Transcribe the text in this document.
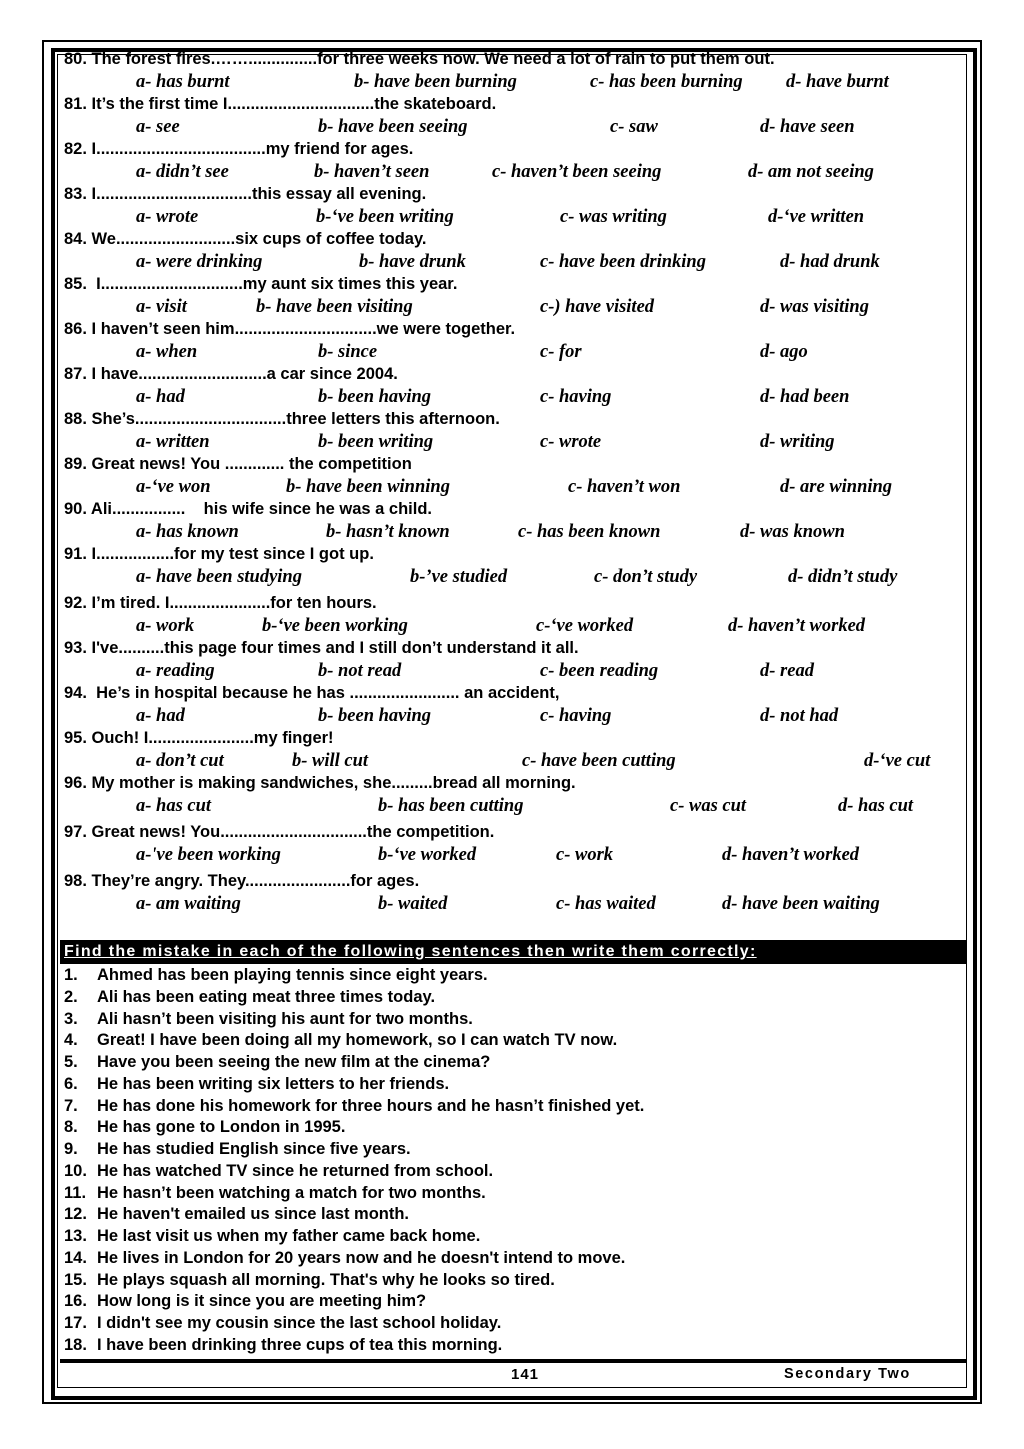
80. The forest fires.……...............for three weeks now. We need a lot of rain to put them out.
a- has burnt	b- have been burning	c- has been burning d- have burnt
81. It’s the first time I................................the skateboard.
a- see	b- have been seeing	c- saw	d- have seen
82. I.....................................my friend for ages.
a- didn’t see	b- haven’t seen	c- haven’t been seeing	d- am not seeing
83. I..................................this essay all evening.
a- wrote	b-‘ve been writing	c- was writing	d-‘ve written
84. We..........................six cups of coffee today.
a- were drinking	b- have drunk	c- have been drinking	d- had drunk
85.  I...............................my aunt six times this year.
a- visit	b- have been visiting	c-) have visited	d- was visiting
86. I haven’t seen him...............................we were together.
a- when	b- since	c- for	d- ago
87. I have............................a car since 2004.
a- had	b- been having	c- having	d- had been
88. She’s.................................three letters this afternoon.
a- written	b- been writing	c- wrote	d- writing
89. Great news! You ............. the competition
a-‘ve won	b- have been winning	c- haven’t won	d- are winning
90. Ali................    his wife since he was a child.
a- has known	b- hasn’t known	c- has been known	d- was known
91. I.................for my test since I got up.
a- have been studying	b-’ve studied	c- don’t study	d- didn’t study
92. I’m tired. I......................for ten hours.
a- work	b-‘ve been working	c-‘ve worked	d- haven’t worked
93. I've..........this page four times and I still don’t understand it all.
a- reading	b- not read	c- been reading	d- read
94.  He’s in hospital because he has ........................ an accident,
a- had	b- been having	c- having	d- not had
95. Ouch! I.......................my finger!
a- don’t cut	b- will cut	c- have been cutting	d-‘ve cut
96. My mother is making sandwiches, she.........bread all morning.
a- has cut	b- has been cutting	c- was cut	d- has cut
97. Great news! You................................the competition.
a-'ve been working	b-‘ve worked	c- work	d- haven’t worked
98. They’re angry. They.......................for ages.
a- am waiting	b- waited	c- has waited	d- have been waiting
Find the mistake in each of the following sentences then write them correctly:
1. Ahmed has been playing tennis since eight years.
2. Ali has been eating meat three times today.
3. Ali hasn’t been visiting his aunt for two months.
4. Great! I have been doing all my homework, so I can watch TV now.
5. Have you been seeing the new film at the cinema?
6. He has been writing six letters to her friends.
7. He has done his homework for three hours and he hasn’t finished yet.
8. He has gone to London in 1995.
9. He has studied English since five years.
10. He has watched TV since he returned from school.
11. He hasn’t been watching a match for two months.
12. He haven't emailed us since last month.
13. He last visit us when my father came back home.
14. He lives in London for 20 years now and he doesn't intend to move.
15. He plays squash all morning. That's why he looks so tired.
16. How long is it since you are meeting him?
17. I didn't see my cousin since the last school holiday.
18. I have been drinking three cups of tea this morning.
141	Secondary Two
